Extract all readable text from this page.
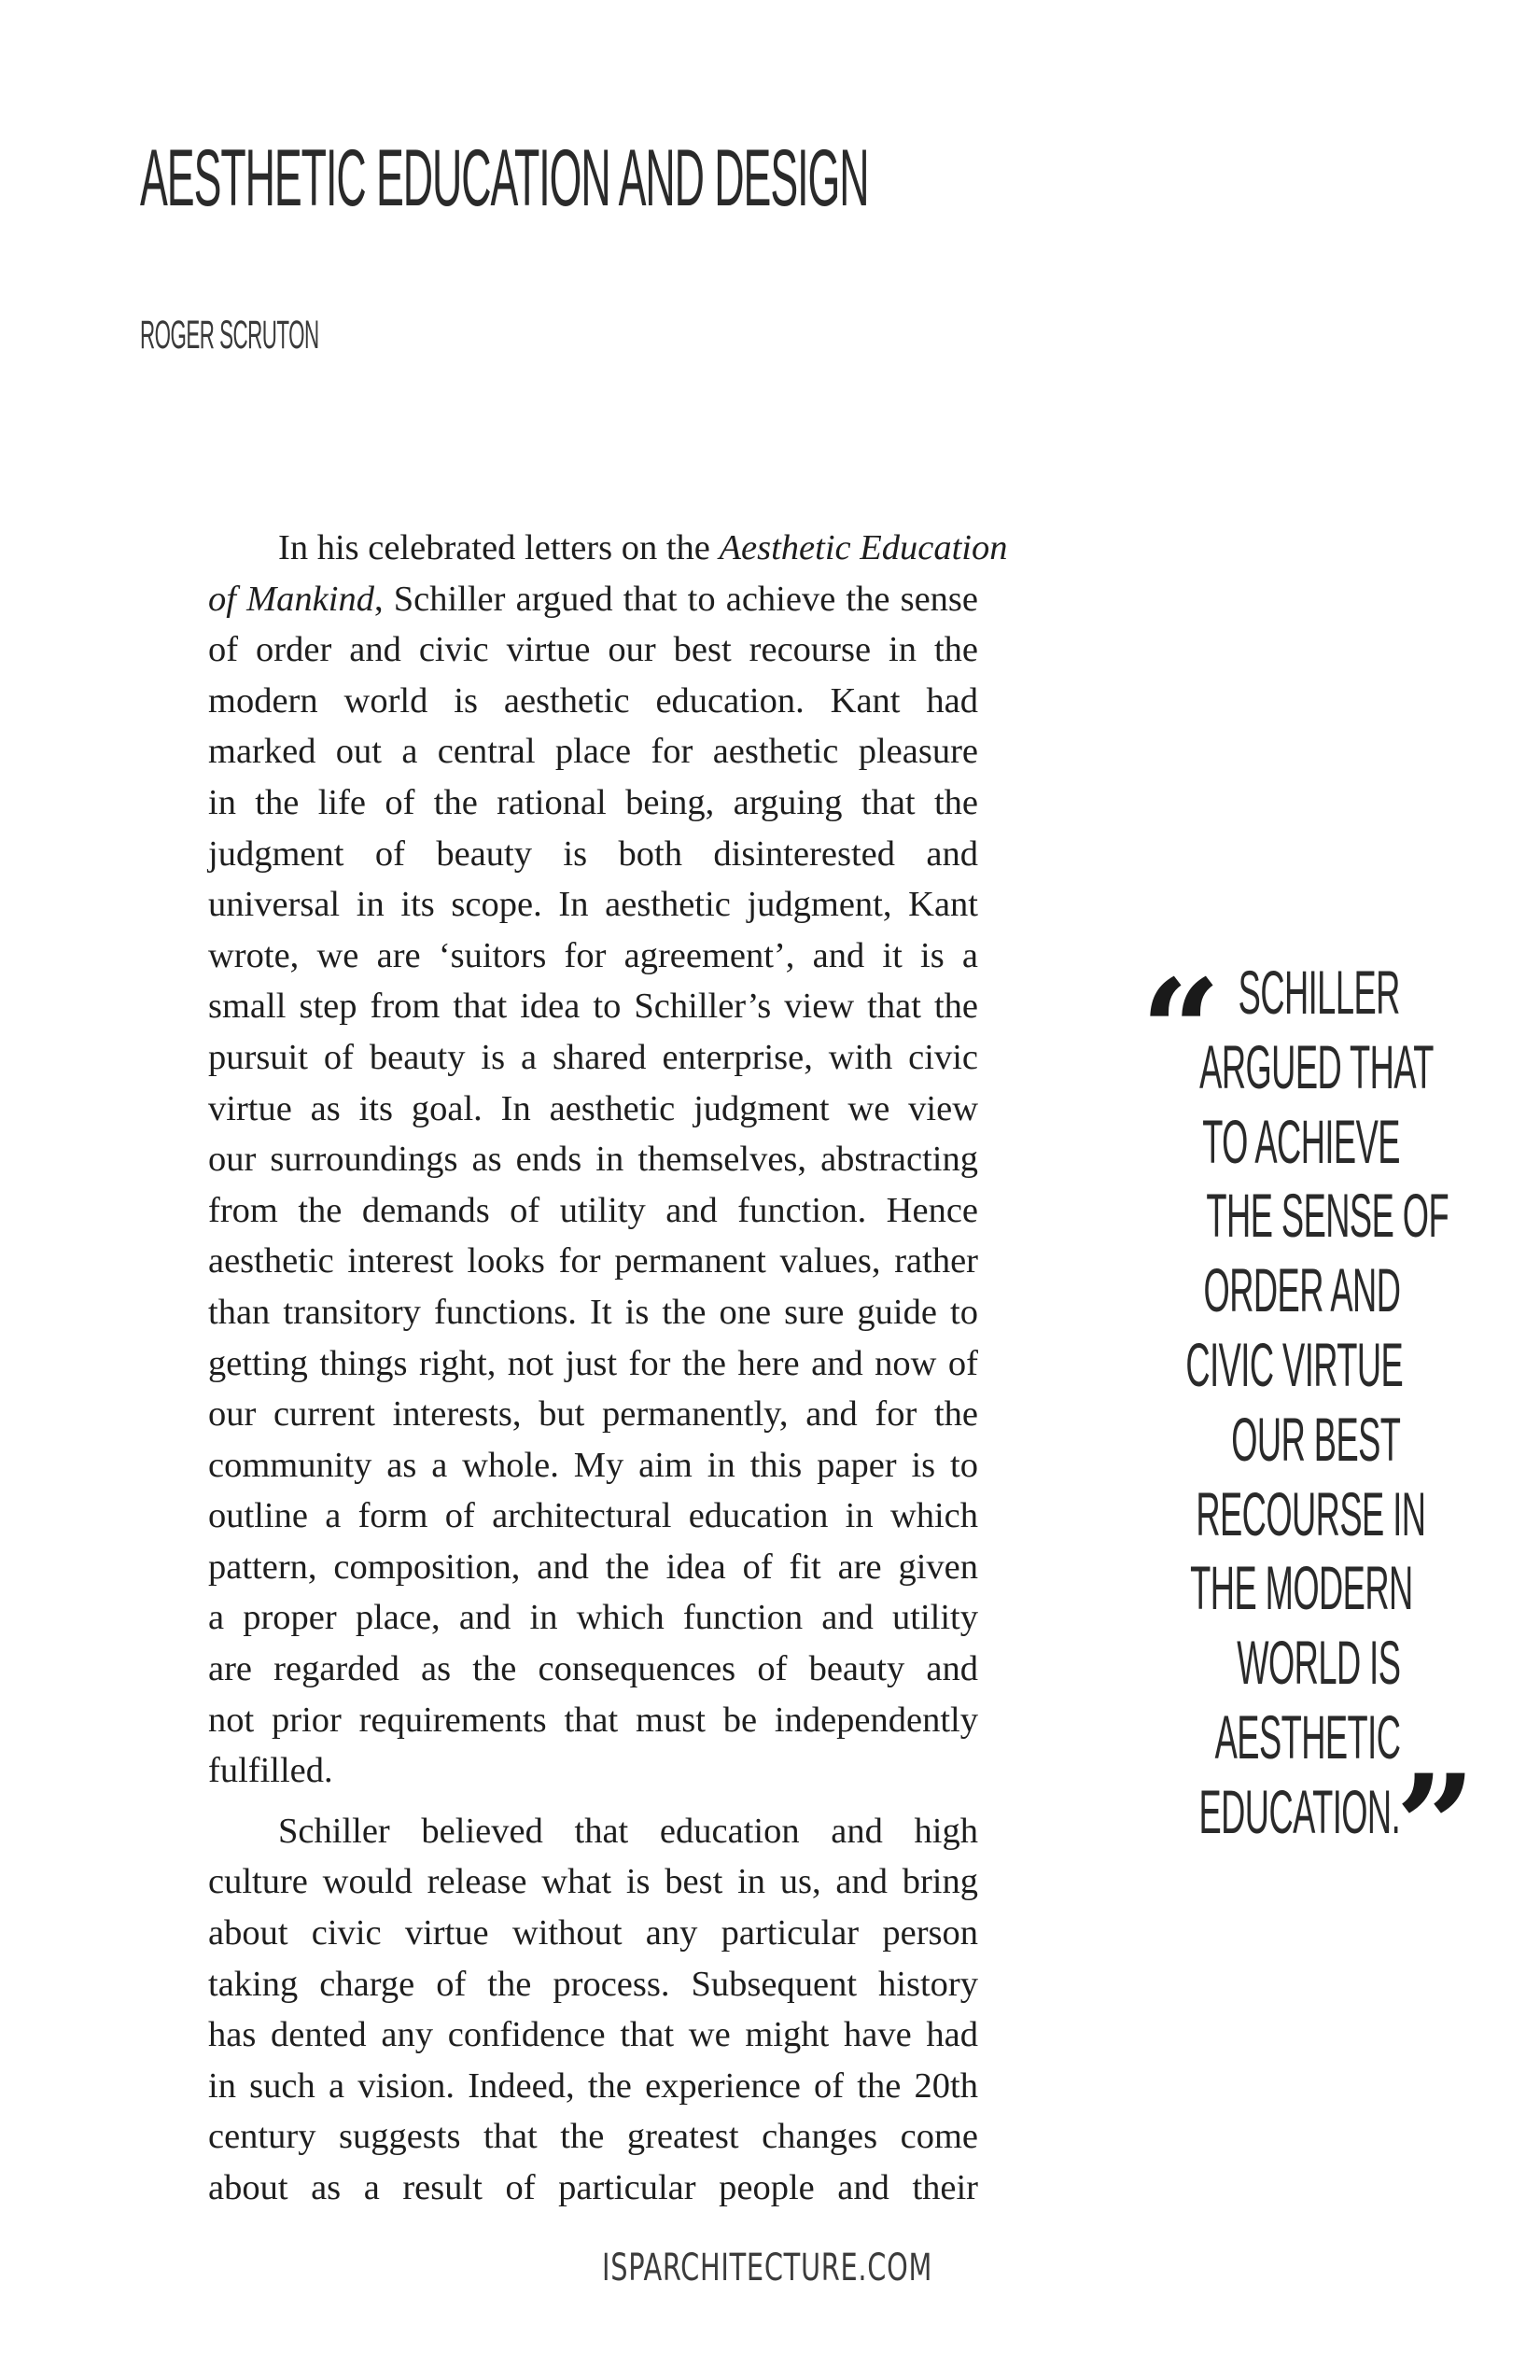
AESTHETIC EDUCATION AND DESIGN
ROGER SCRUTON

In his celebrated letters on the Aesthetic Education
of Mankind, Schiller argued that to achieve the sense
of order and civic virtue our best recourse in the
modern world is aesthetic education. Kant had
marked out a central place for aesthetic pleasure
in the life of the rational being, arguing that the
judgment of beauty is both disinterested and
universal in its scope. In aesthetic judgment, Kant
wrote, we are ‘suitors for agreement’, and it is a
small step from that idea to Schiller’s view that the
pursuit of beauty is a shared enterprise, with civic
virtue as its goal. In aesthetic judgment we view
our surroundings as ends in themselves, abstracting
from the demands of utility and function. Hence
aesthetic interest looks for permanent values, rather
than transitory functions. It is the one sure guide to
getting things right, not just for the here and now of
our current interests, but permanently, and for the
community as a whole. My aim in this paper is to
outline a form of architectural education in which
pattern, composition, and the idea of fit are given
a proper place, and in which function and utility
are regarded as the consequences of beauty and
not prior requirements that must be independently
fulfilled.

Schiller believed that education and high
culture would release what is best in us, and bring
about civic virtue without any particular person
taking charge of the process. Subsequent history
has dented any confidence that we might have had
in such a vision. Indeed, the experience of the 20th
century suggests that the greatest changes come
about as a result of particular people and their

“ SCHILLER
ARGUED THAT
TO ACHIEVE
THE SENSE OF
ORDER AND
CIVIC VIRTUE
OUR BEST
RECOURSE IN
THE MODERN
WORLD IS
AESTHETIC
EDUCATION.
”
ISPARCHITECTURE.COM
